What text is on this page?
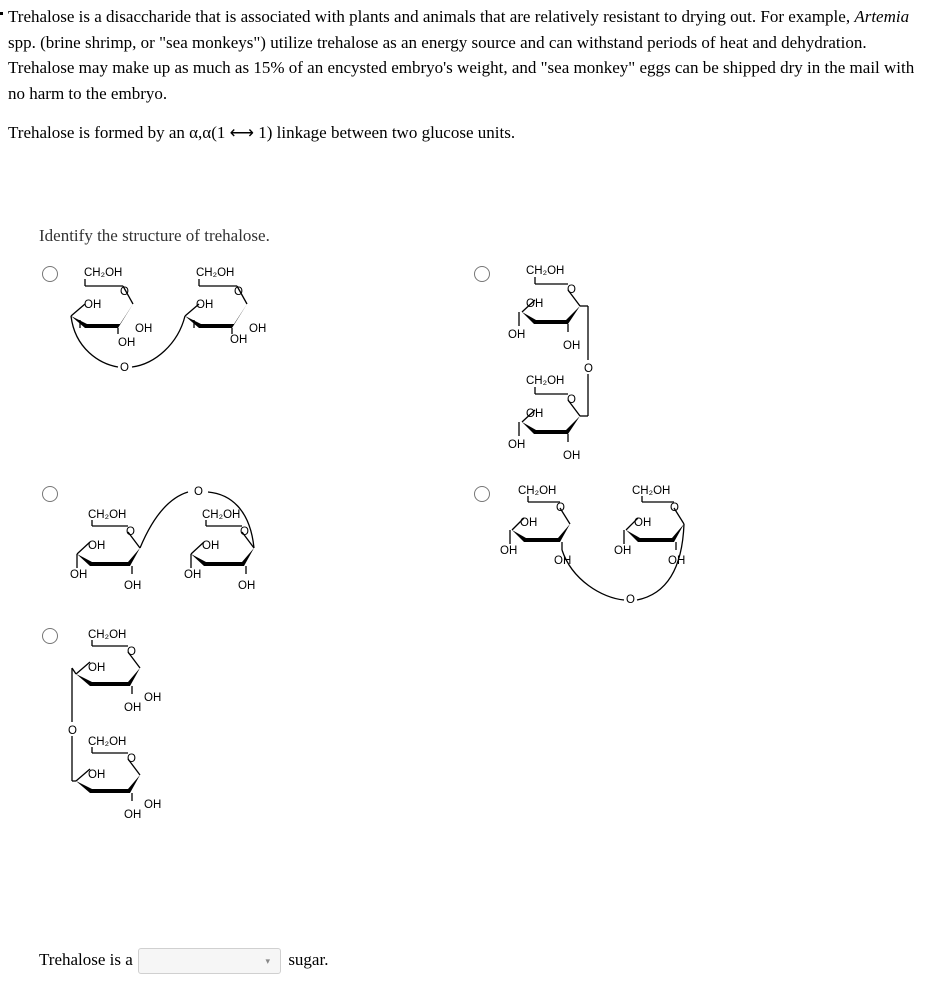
Trehalose is a disaccharide that is associated with plants and animals that are relatively resistant to drying out. For example, Artemia spp. (brine shrimp, or "sea monkeys") utilize trehalose as an energy source and can withstand periods of heat and dehydration. Trehalose may make up as much as 15% of an encysted embryo's weight, and "sea monkey" eggs can be shipped dry in the mail with no harm to the embryo.

Trehalose is formed by an α,α(1 ⟷ 1) linkage between two glucose units.

Identify the structure of trehalose.
CH₂OH
O
OH
OH
OH
CH₂OH
O
OH
OH
OH
O
CH₂OH
O
OH
OH
OH
CH₂OH
O
OH
OH
OH
O
CH₂OH
O
OH
OH
OH
CH₂OH
O
OH
OH
OH
O	CH₂OH
O
OH
OH
OH
CH₂OH
O
OH
OH
OH
O
CH₂OH
O
OH
OH
OH
CH₂OH
O
OH
OH
OH
O
Trehalose is a	▾ sugar.
